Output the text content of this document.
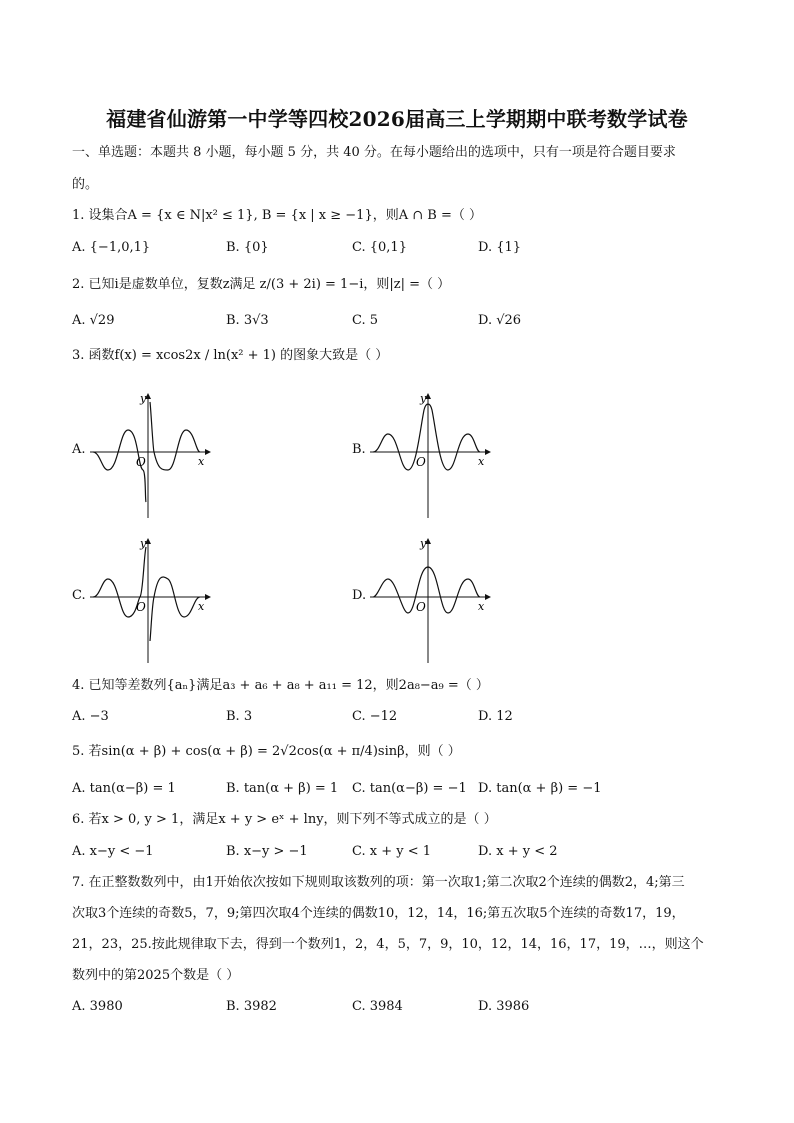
福建省仙游第一中学等四校2026届高三上学期期中联考数学试卷
一、单选题：本题共 8 小题，每小题 5 分，共 40 分。在每小题给出的选项中，只有一项是符合题目要求
的。
1. 设集合A = {x ∈ N|x² ≤ 1}, B = {x | x ≥ −1}，则A ∩ B =（ ）
A. {−1,0,1}	B. {0}	C. {0,1}	D. {1}
2. 已知i是虚数单位，复数z满足 z/(3 + 2i) = 1−i，则|z| =（ ）
A. √29	B. 3√3	C. 5	D. √26
3. 函数f(x) = xcos2x / ln(x² + 1) 的图象大致是（ ）
A.	B.
C.	D.
O	x
y
O	x
y
O	x
y
O	x
y
4. 已知等差数列{aₙ}满足a₃ + a₆ + a₈ + a₁₁ = 12，则2a₈−a₉ =（ ）
A. −3	B. 3	C. −12	D. 12
5. 若sin(α + β) + cos(α + β) = 2√2cos(α + π/4)sinβ，则（ ）
A. tan(α−β) = 1	B. tan(α + β) = 1 C. tan(α−β) = −1 D. tan(α + β) = −1
6. 若x > 0, y > 1，满足x + y > eˣ + lny，则下列不等式成立的是（ ）
A. x−y < −1	B. x−y > −1	C. x + y < 1	D. x + y < 2
7. 在正整数数列中，由1开始依次按如下规则取该数列的项：第一次取1;第二次取2个连续的偶数2，4;第三
次取3个连续的奇数5，7，9;第四次取4个连续的偶数10，12，14，16;第五次取5个连续的奇数17，19，
21，23，25.按此规律取下去，得到一个数列1，2，4，5，7，9，10，12，14，16，17，19，…，则这个
数列中的第2025个数是（ ）
A. 3980	B. 3982	C. 3984	D. 3986
